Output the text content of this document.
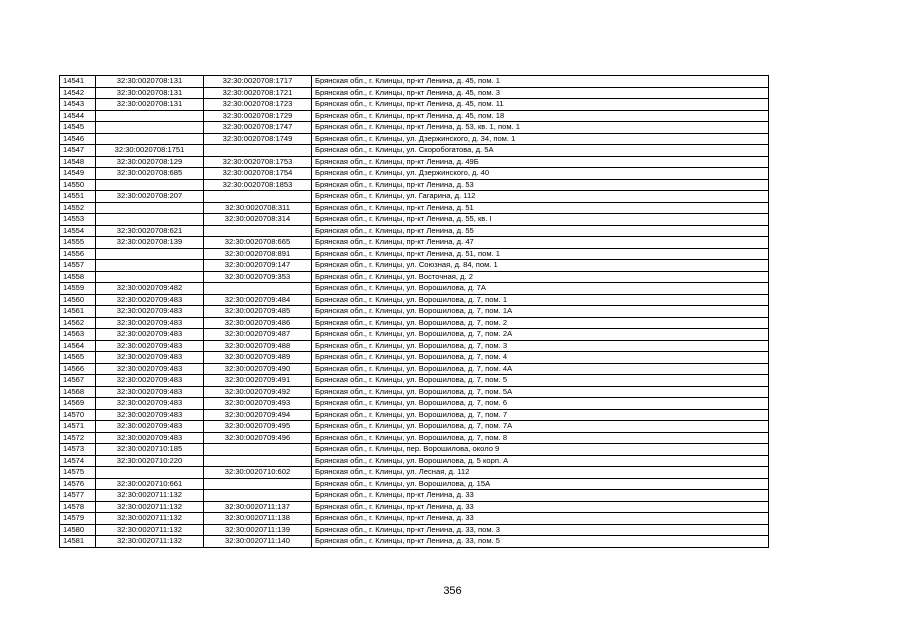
14541	32:30:0020708:131	32:30:0020708:1717	Брянская обл., г. Клинцы, пр-кт Ленина, д. 45, пом. 1
14542	32:30:0020708:131	32:30:0020708:1721	Брянская обл., г. Клинцы, пр-кт Ленина, д. 45, пом. 3
14543	32:30:0020708:131	32:30:0020708:1723	Брянская обл., г. Клинцы, пр-кт Ленина, д. 45, пом. 11
14544		32:30:0020708:1729	Брянская обл., г. Клинцы, пр-кт Ленина, д. 45, пом. 18
14545		32:30:0020708:1747	Брянская обл., г. Клинцы, пр-кт Ленина, д. 53, кв. 1, пом. 1
14546		32:30:0020708:1749	Брянская обл., г. Клинцы, ул. Дзержинского, д. 34, пом. 1
14547	32:30:0020708:1751		Брянская обл., г. Клинцы, ул. Скоробогатова, д. 5А
14548	32:30:0020708:129	32:30:0020708:1753	Брянская обл., г. Клинцы, пр-кт Ленина, д. 49Б
14549	32:30:0020708:685	32:30:0020708:1754	Брянская обл., г. Клинцы, ул. Дзержинского, д. 40
14550		32:30:0020708:1853	Брянская обл., г. Клинцы, пр-кт Ленина, д. 53
14551	32:30:0020708:207		Брянская обл., г. Клинцы, ул. Гагарина, д. 112
14552		32:30:0020708:311	Брянская обл., г. Клинцы, пр-кт Ленина, д. 51
14553		32:30:0020708:314	Брянская обл., г. Клинцы, пр-кт Ленина, д. 55, кв. I
14554	32:30:0020708:621		Брянская обл., г. Клинцы, пр-кт Ленина, д. 55
14555	32:30:0020708:139	32:30:0020708:665	Брянская обл., г. Клинцы, пр-кт Ленина, д. 47
14556		32:30:0020708:891	Брянская обл., г. Клинцы, пр-кт Ленина, д. 51, пом. 1
14557		32:30:0020709:147	Брянская обл., г. Клинцы, ул. Союзная, д. 84, пом. 1
14558		32:30:0020709:353	Брянская обл., г. Клинцы, ул. Восточная, д. 2
14559	32:30:0020709:482		Брянская обл., г. Клинцы, ул. Ворошилова, д. 7А
14560	32:30:0020709:483	32:30:0020709:484	Брянская обл., г. Клинцы, ул. Ворошилова, д. 7, пом. 1
14561	32:30:0020709:483	32:30:0020709:485	Брянская обл., г. Клинцы, ул. Ворошилова, д. 7, пом. 1А
14562	32:30:0020709:483	32:30:0020709:486	Брянская обл., г. Клинцы, ул. Ворошилова, д. 7, пом. 2
14563	32:30:0020709:483	32:30:0020709:487	Брянская обл., г. Клинцы, ул. Ворошилова, д. 7, пом. 2А
14564	32:30:0020709:483	32:30:0020709:488	Брянская обл., г. Клинцы, ул. Ворошилова, д. 7, пом. 3
14565	32:30:0020709:483	32:30:0020709:489	Брянская обл., г. Клинцы, ул. Ворошилова, д. 7, пом. 4
14566	32:30:0020709:483	32:30:0020709:490	Брянская обл., г. Клинцы, ул. Ворошилова, д. 7, пом. 4А
14567	32:30:0020709:483	32:30:0020709:491	Брянская обл., г. Клинцы, ул. Ворошилова, д. 7, пом. 5
14568	32:30:0020709:483	32:30:0020709:492	Брянская обл., г. Клинцы, ул. Ворошилова, д. 7, пом. 5А
14569	32:30:0020709:483	32:30:0020709:493	Брянская обл., г. Клинцы, ул. Ворошилова, д. 7, пом. 6
14570	32:30:0020709:483	32:30:0020709:494	Брянская обл., г. Клинцы, ул. Ворошилова, д. 7, пом. 7
14571	32:30:0020709:483	32:30:0020709:495	Брянская обл., г. Клинцы, ул. Ворошилова, д. 7, пом. 7А
14572	32:30:0020709:483	32:30:0020709:496	Брянская обл., г. Клинцы, ул. Ворошилова, д. 7, пом. 8
14573	32:30:0020710:185		Брянская обл., г. Клинцы, пер. Ворошилова, около 9
14574	32:30:0020710:220		Брянская обл., г. Клинцы, ул. Ворошилова, д. 5 корп. А
14575		32:30:0020710:602	Брянская обл., г. Клинцы, ул. Лесная, д. 112
14576	32:30:0020710:661		Брянская обл., г. Клинцы, ул. Ворошилова, д. 15А
14577	32:30:0020711:132		Брянская обл., г. Клинцы, пр-кт Ленина, д. 33
14578	32:30:0020711:132	32:30:0020711:137	Брянская обл., г. Клинцы, пр-кт Ленина, д. 33
14579	32:30:0020711:132	32:30:0020711:138	Брянская обл., г. Клинцы, пр-кт Ленина, д. 33
14580	32:30:0020711:132	32:30:0020711:139	Брянская обл., г. Клинцы, пр-кт Ленина, д. 33, пом. 3
14581	32:30:0020711:132	32:30:0020711:140	Брянская обл., г. Клинцы, пр-кт Ленина, д. 33, пом. 5
356
